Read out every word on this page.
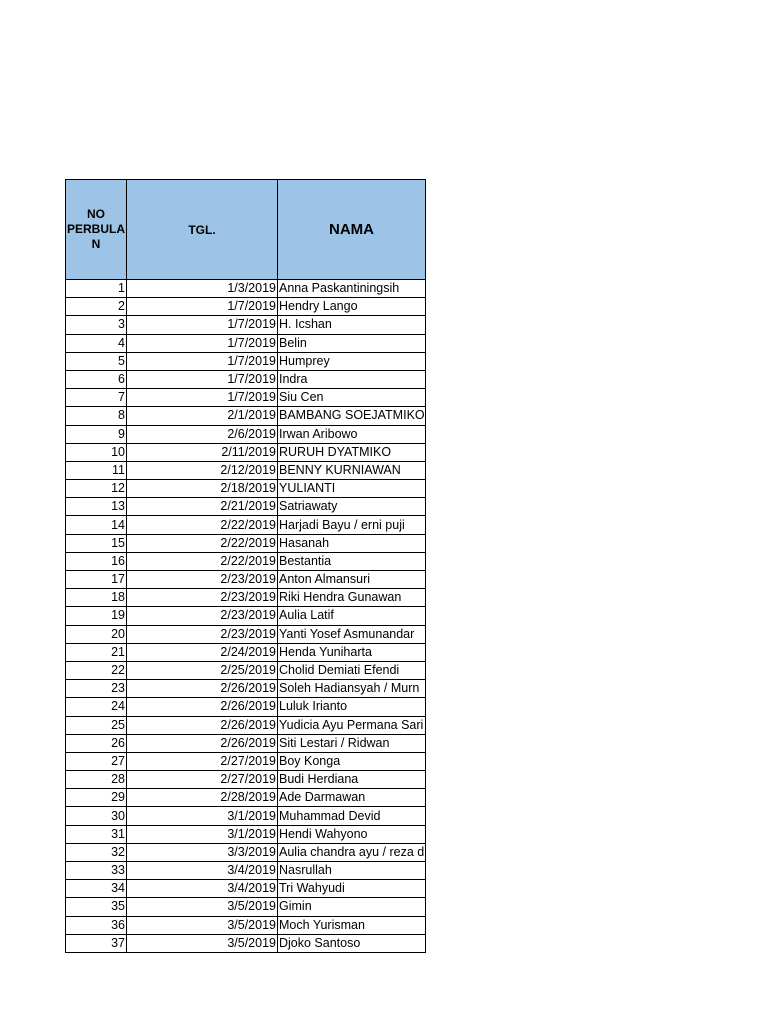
NO
PERBULA
N	TGL.	NAMA
1	1/3/2019	Anna Paskantiningsih
2	1/7/2019	Hendry Lango
3	1/7/2019	H. Icshan
4	1/7/2019	Belin
5	1/7/2019	Humprey
6	1/7/2019	Indra
7	1/7/2019	Siu Cen
8	2/1/2019	BAMBANG SOEJATMIKO
9	2/6/2019	Irwan Aribowo
10	2/11/2019	RURUH DYATMIKO
11	2/12/2019	BENNY KURNIAWAN
12	2/18/2019	YULIANTI
13	2/21/2019	Satriawaty
14	2/22/2019	Harjadi Bayu / erni puji
15	2/22/2019	Hasanah
16	2/22/2019	Bestantia
17	2/23/2019	Anton Almansuri
18	2/23/2019	Riki Hendra Gunawan
19	2/23/2019	Aulia Latif
20	2/23/2019	Yanti Yosef Asmunandar
21	2/24/2019	Henda Yuniharta
22	2/25/2019	Cholid Demiati Efendi
23	2/26/2019	Soleh Hadiansyah / Murn
24	2/26/2019	Luluk Irianto
25	2/26/2019	Yudicia Ayu Permana Sari
26	2/26/2019	Siti Lestari / Ridwan
27	2/27/2019	Boy Konga
28	2/27/2019	Budi Herdiana
29	2/28/2019	Ade Darmawan
30	3/1/2019	Muhammad Devid
31	3/1/2019	Hendi Wahyono
32	3/3/2019	Aulia chandra ayu / reza d
33	3/4/2019	Nasrullah
34	3/4/2019	Tri Wahyudi
35	3/5/2019	Gimin
36	3/5/2019	Moch Yurisman
37	3/5/2019	Djoko Santoso
